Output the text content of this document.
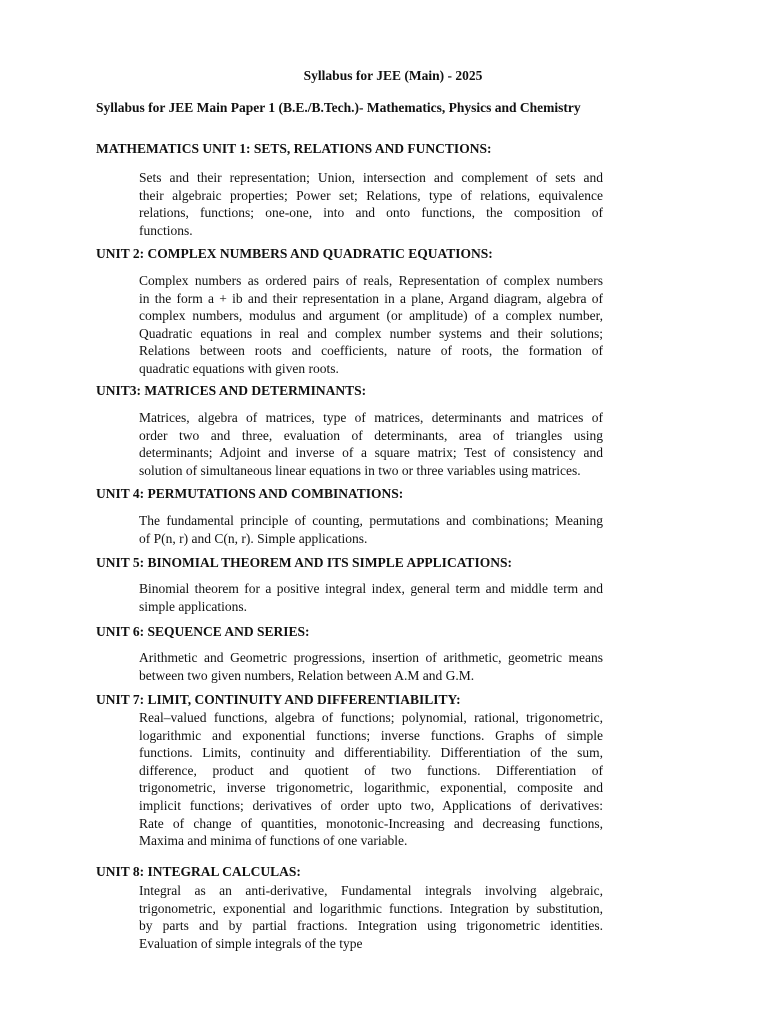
Syllabus for JEE (Main) - 2025
Syllabus for JEE Main Paper 1 (B.E./B.Tech.)- Mathematics, Physics and Chemistry
MATHEMATICS UNIT 1: SETS, RELATIONS AND FUNCTIONS:
Sets and their representation; Union, intersection and complement of sets and
their algebraic properties; Power set; Relations, type of relations, equivalence
relations, functions; one-one, into and onto functions, the composition of
functions.
UNIT 2: COMPLEX NUMBERS AND QUADRATIC EQUATIONS:
Complex numbers as ordered pairs of reals, Representation of complex numbers
in the form a + ib and their representation in a plane, Argand diagram, algebra of
complex numbers, modulus and argument (or amplitude) of a complex number,
Quadratic equations in real and complex number systems and their solutions;
Relations between roots and coefficients, nature of roots, the formation of
quadratic equations with given roots.
UNIT3: MATRICES AND DETERMINANTS:
Matrices, algebra of matrices, type of matrices, determinants and matrices of
order two and three, evaluation of determinants, area of triangles using
determinants; Adjoint and inverse of a square matrix; Test of consistency and
solution of simultaneous linear equations in two or three variables using matrices.
UNIT 4: PERMUTATIONS AND COMBINATIONS:
The fundamental principle of counting, permutations and combinations; Meaning
of P(n, r) and C(n, r). Simple applications.
UNIT 5: BINOMIAL THEOREM AND ITS SIMPLE APPLICATIONS:
Binomial theorem for a positive integral index, general term and middle term and
simple applications.
UNIT 6: SEQUENCE AND SERIES:
Arithmetic and Geometric progressions, insertion of arithmetic, geometric means
between two given numbers, Relation between A.M and G.M.
UNIT 7: LIMIT, CONTINUITY AND DIFFERENTIABILITY:
Real–valued functions, algebra of functions; polynomial, rational, trigonometric,
logarithmic and exponential functions; inverse functions. Graphs of simple
functions. Limits, continuity and differentiability. Differentiation of the sum,
difference, product and quotient of two functions. Differentiation of
trigonometric, inverse trigonometric, logarithmic, exponential, composite and
implicit functions; derivatives of order upto two, Applications of derivatives:
Rate of change of quantities, monotonic-Increasing and decreasing functions,
Maxima and minima of functions of one variable.
UNIT 8: INTEGRAL CALCULAS:
Integral as an anti-derivative, Fundamental integrals involving algebraic,
trigonometric, exponential and logarithmic functions. Integration by substitution,
by parts and by partial fractions. Integration using trigonometric identities.
Evaluation of simple integrals of the type
